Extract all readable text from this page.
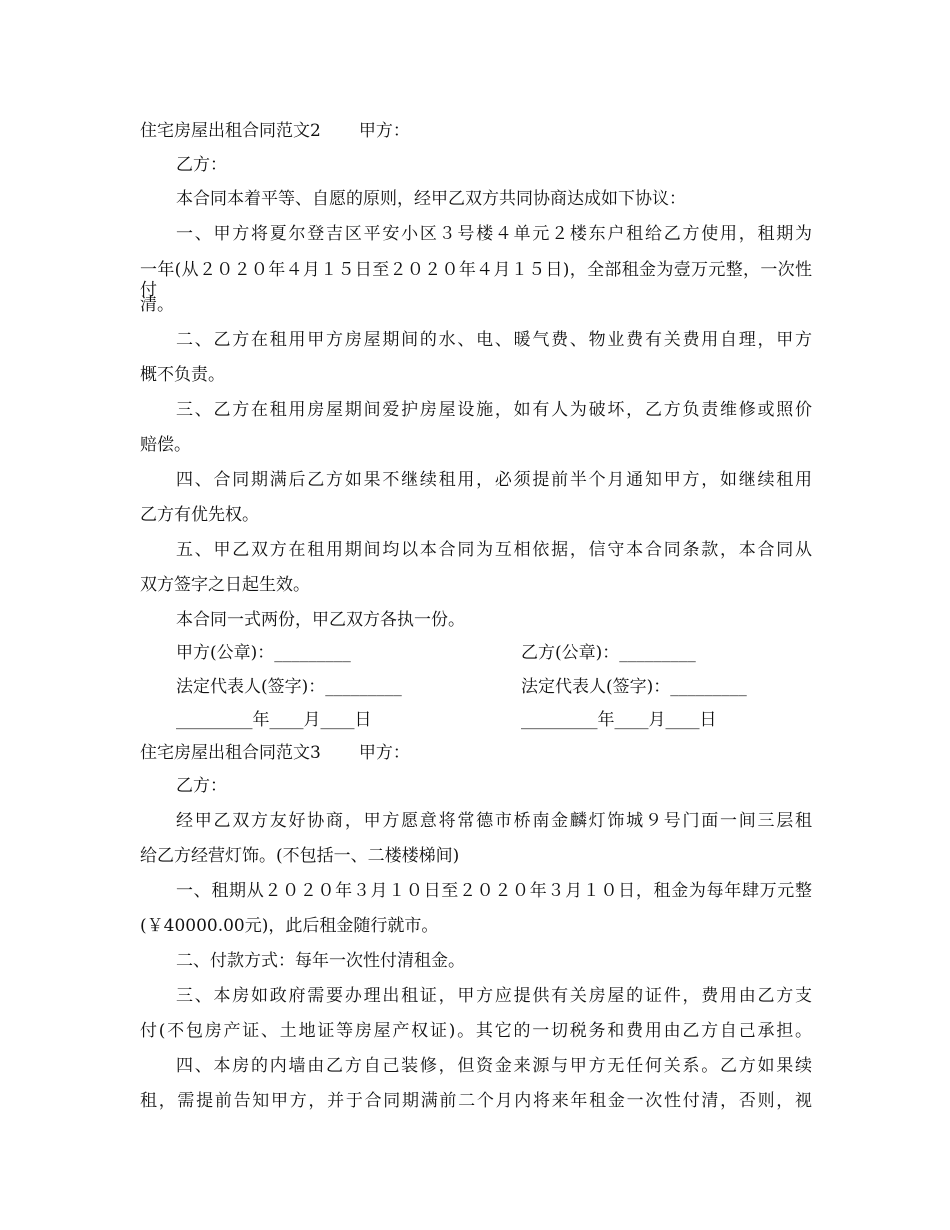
住宅房屋出租合同范文2 甲方：
乙方：
本合同本着平等、自愿的原则，经甲乙双方共同协商达成如下协议：
一、甲方将夏尔登吉区平安小区３号楼４单元２楼东户租给乙方使用，租期为
一年(从２０２０年４月１５日至２０２０年４月１５日)，全部租金为壹万元整，一次性付
清。
二、乙方在租用甲方房屋期间的水、电、暖气费、物业费有关费用自理，甲方
概不负责。
三、乙方在租用房屋期间爱护房屋设施，如有人为破坏，乙方负责维修或照价
赔偿。
四、合同期满后乙方如果不继续租用，必须提前半个月通知甲方，如继续租用
乙方有优先权。
五、甲乙双方在租用期间均以本合同为互相依据，信守本合同条款，本合同从
双方签字之日起生效。
本合同一式两份，甲乙双方各执一份。
甲方(公章)：_________	乙方(公章)：_________
法定代表人(签字)：_________	法定代表人(签字)：_________
_________年____月____日	_________年____月____日
住宅房屋出租合同范文3 甲方：
乙方：
经甲乙双方友好协商，甲方愿意将常德市桥南金麟灯饰城９号门面一间三层租
给乙方经营灯饰。(不包括一、二楼楼梯间)
一、租期从２０２０年３月１０日至２０２０年３月１０日，租金为每年肆万元整
(￥40000.00元)，此后租金随行就市。
二、付款方式：每年一次性付清租金。
三、本房如政府需要办理出租证，甲方应提供有关房屋的证件，费用由乙方支
付(不包房产证、土地证等房屋产权证)。其它的一切税务和费用由乙方自己承担。
四、本房的内墙由乙方自己装修，但资金来源与甲方无任何关系。乙方如果续
租，需提前告知甲方，并于合同期满前二个月内将来年租金一次性付清，否则，视
